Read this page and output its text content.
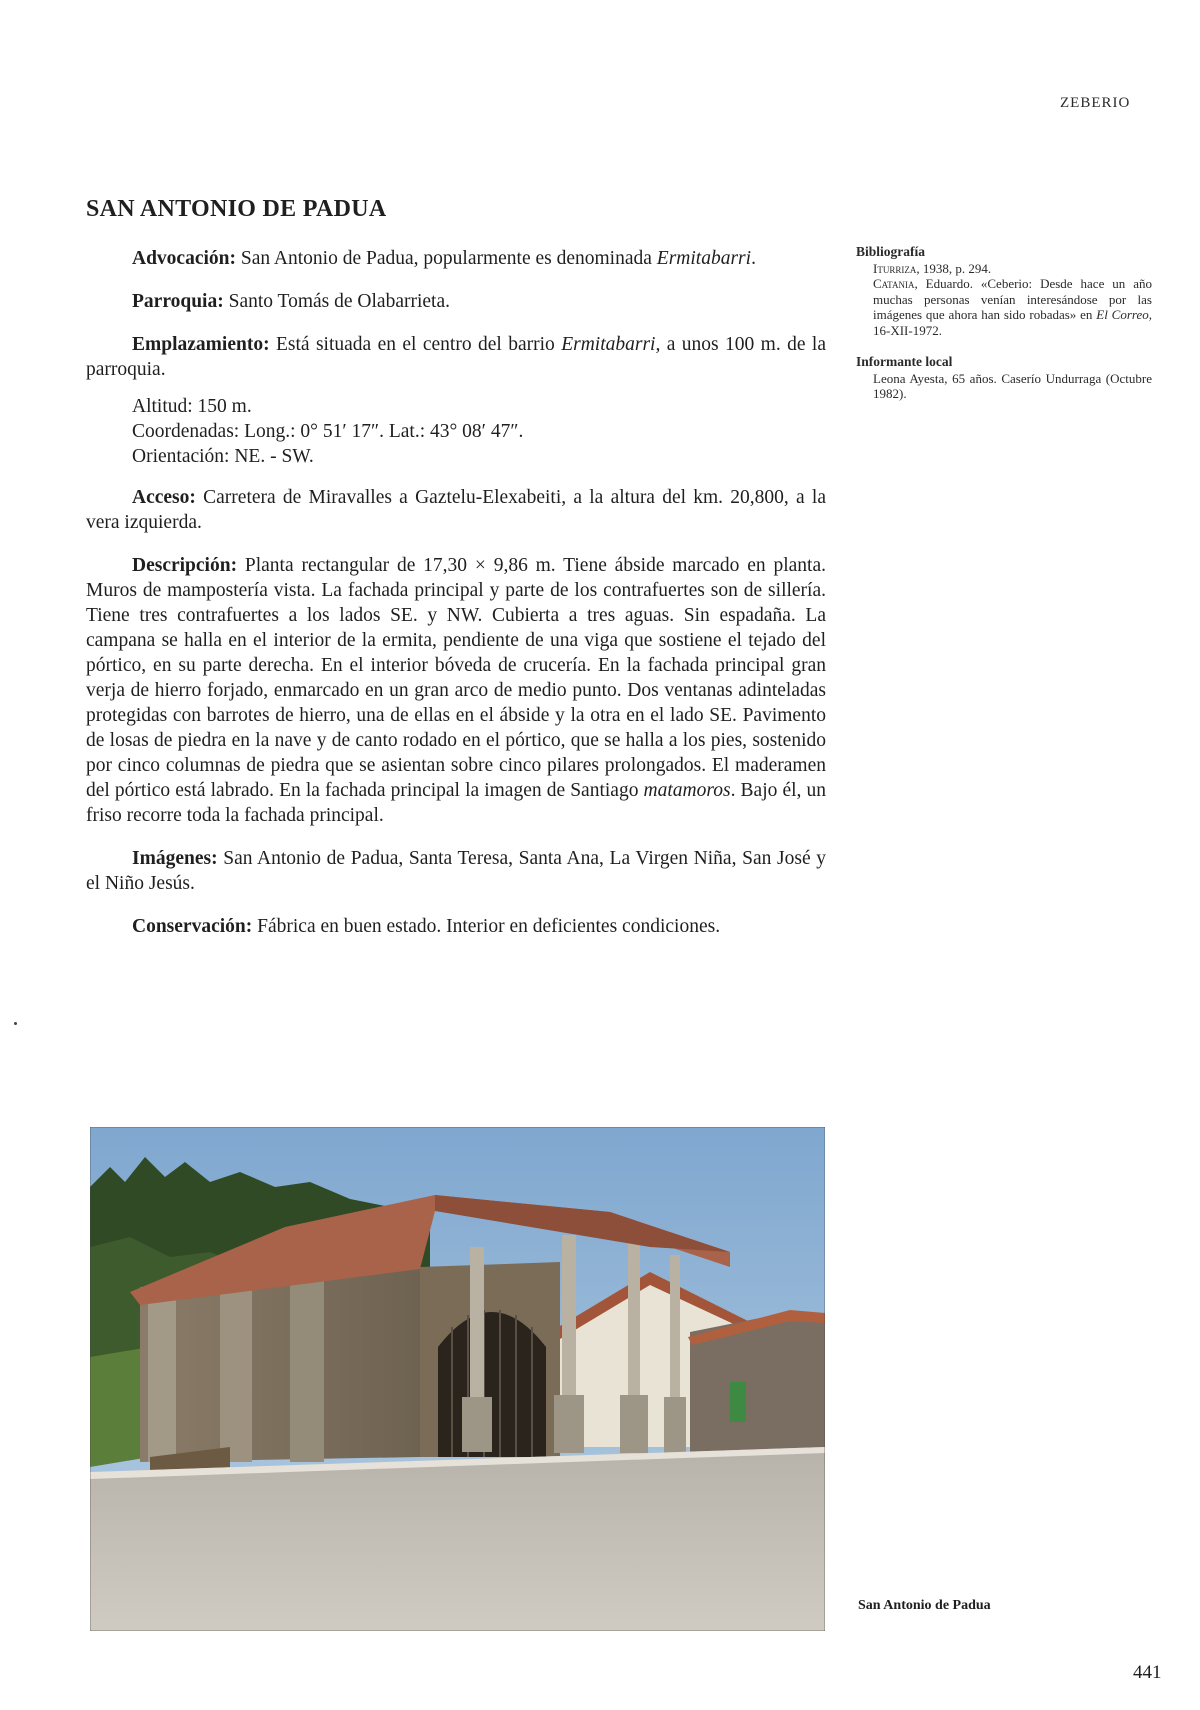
ZEBERIO
SAN ANTONIO DE PADUA

Advocación: San Antonio de Padua, popularmente es denominada Ermitabarri.

Parroquia: Santo Tomás de Olabarrieta.

Emplazamiento: Está situada en el centro del barrio Ermitabarri, a unos 100 m. de la parroquia.

Altitud: 150 m.
Coordenadas: Long.: 0° 51′ 17″. Lat.: 43° 08′ 47″.
Orientación: NE. - SW.

Acceso: Carretera de Miravalles a Gaztelu-Elexabeiti, a la altura del km. 20,800, a la vera izquierda.

Descripción: Planta rectangular de 17,30 × 9,86 m. Tiene ábside marcado en planta. Muros de mampostería vista. La fachada principal y parte de los contrafuertes son de sillería. Tiene tres contrafuertes a los lados SE. y NW. Cubierta a tres aguas. Sin espadaña. La campana se halla en el interior de la ermita, pendiente de una viga que sostiene el tejado del pórtico, en su parte derecha. En el interior bóveda de crucería. En la fachada principal gran verja de hierro forjado, enmarcado en un gran arco de medio punto. Dos ventanas adinteladas protegidas con barrotes de hierro, una de ellas en el ábside y la otra en el lado SE. Pavimento de losas de piedra en la nave y de canto rodado en el pórtico, que se halla a los pies, sostenido por cinco columnas de piedra que se asientan sobre cinco pilares prolongados. El maderamen del pórtico está labrado. En la fachada principal la imagen de Santiago matamoros. Bajo él, un friso recorre toda la fachada principal.

Imágenes: San Antonio de Padua, Santa Teresa, Santa Ana, La Virgen Niña, San José y el Niño Jesús.

Conservación: Fábrica en buen estado. Interior en deficientes condiciones.

Bibliografía
Iturriza, 1938, p. 294.
Catania, Eduardo. «Ceberio: Desde hace un año muchas personas venían interesándose por las imágenes que ahora han sido robadas» en El Correo, 16-XII-1972.
Informante local
Leona Ayesta, 65 años. Caserío Undurraga (Octubre 1982).
San Antonio de Padua
441
